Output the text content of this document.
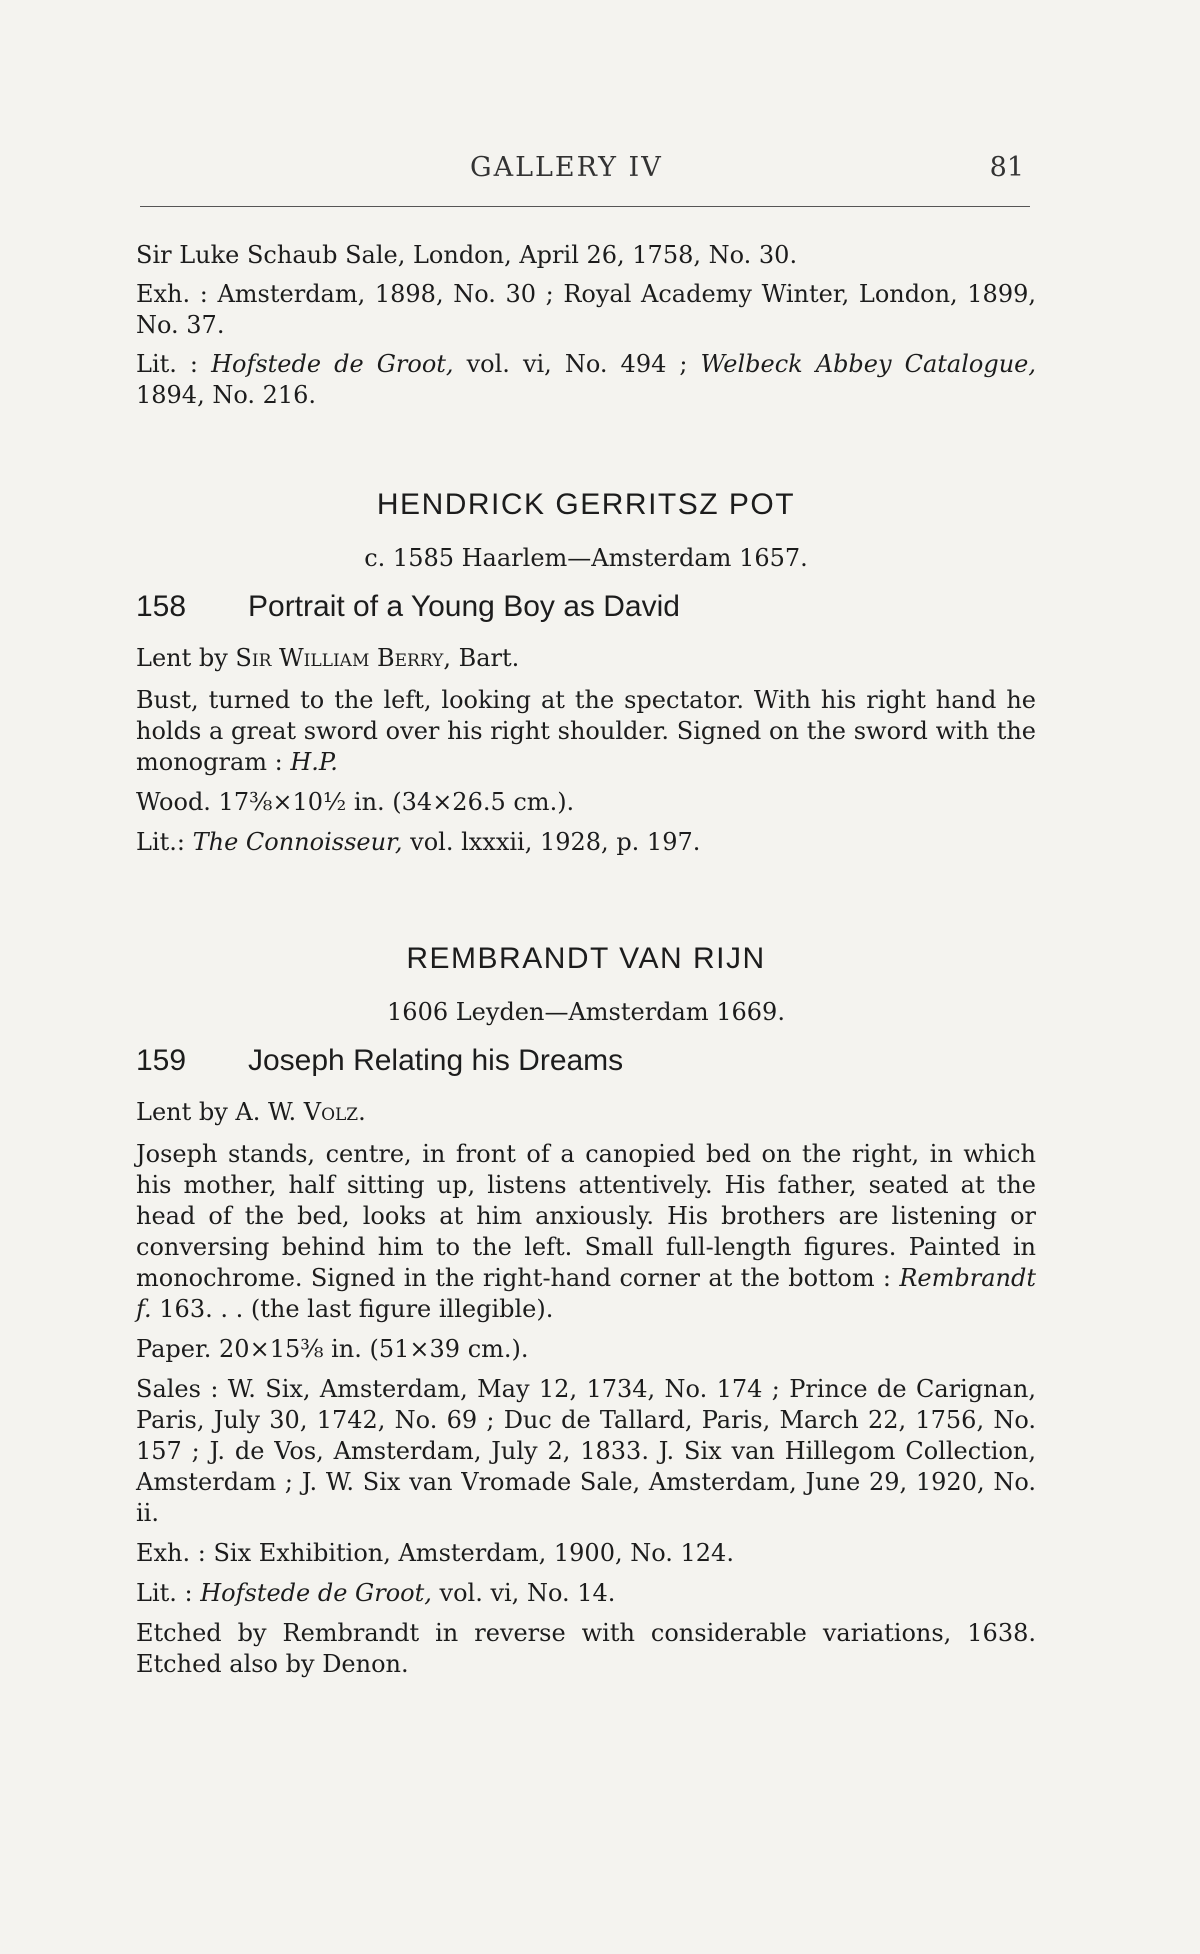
GALLERY IV	81

Sir Luke Schaub Sale, London, April 26, 1758, No. 30.

Exh. : Amsterdam, 1898, No. 30 ; Royal Academy Winter, London, 1899, No. 37.

Lit. : Hofstede de Groot, vol. vi, No. 494 ; Welbeck Abbey Catalogue, 1894, No. 216.

HENDRICK GERRITSZ POT
c. 1585 Haarlem—Amsterdam 1657.
158 Portrait of a Young Boy as David

Lent by Sir William Berry, Bart.

Bust, turned to the left, looking at the spectator. With his right hand he holds a great sword over his right shoulder. Signed on the sword with the monogram : H.P.

Wood. 17⅜×10½ in. (34×26.5 cm.).

Lit.: The Connoisseur, vol. lxxxii, 1928, p. 197.

REMBRANDT VAN RIJN
1606 Leyden—Amsterdam 1669.
159 Joseph Relating his Dreams

Lent by A. W. Volz.

Joseph stands, centre, in front of a canopied bed on the right, in which his mother, half sitting up, listens attentively. His father, seated at the head of the bed, looks at him anxiously. His brothers are listening or conversing behind him to the left. Small full-length figures. Painted in monochrome. Signed in the right-hand corner at the bottom : Rembrandt f. 163. . . (the last figure illegible).

Paper. 20×15⅜ in. (51×39 cm.).

Sales : W. Six, Amsterdam, May 12, 1734, No. 174 ; Prince de Carignan, Paris, July 30, 1742, No. 69 ; Duc de Tallard, Paris, March 22, 1756, No. 157 ; J. de Vos, Amsterdam, July 2, 1833. J. Six van Hillegom Collection, Amsterdam ; J. W. Six van Vromade Sale, Amsterdam, June 29, 1920, No. ii.

Exh. : Six Exhibition, Amsterdam, 1900, No. 124.

Lit. : Hofstede de Groot, vol. vi, No. 14.

Etched by Rembrandt in reverse with considerable variations, 1638. Etched also by Denon.
